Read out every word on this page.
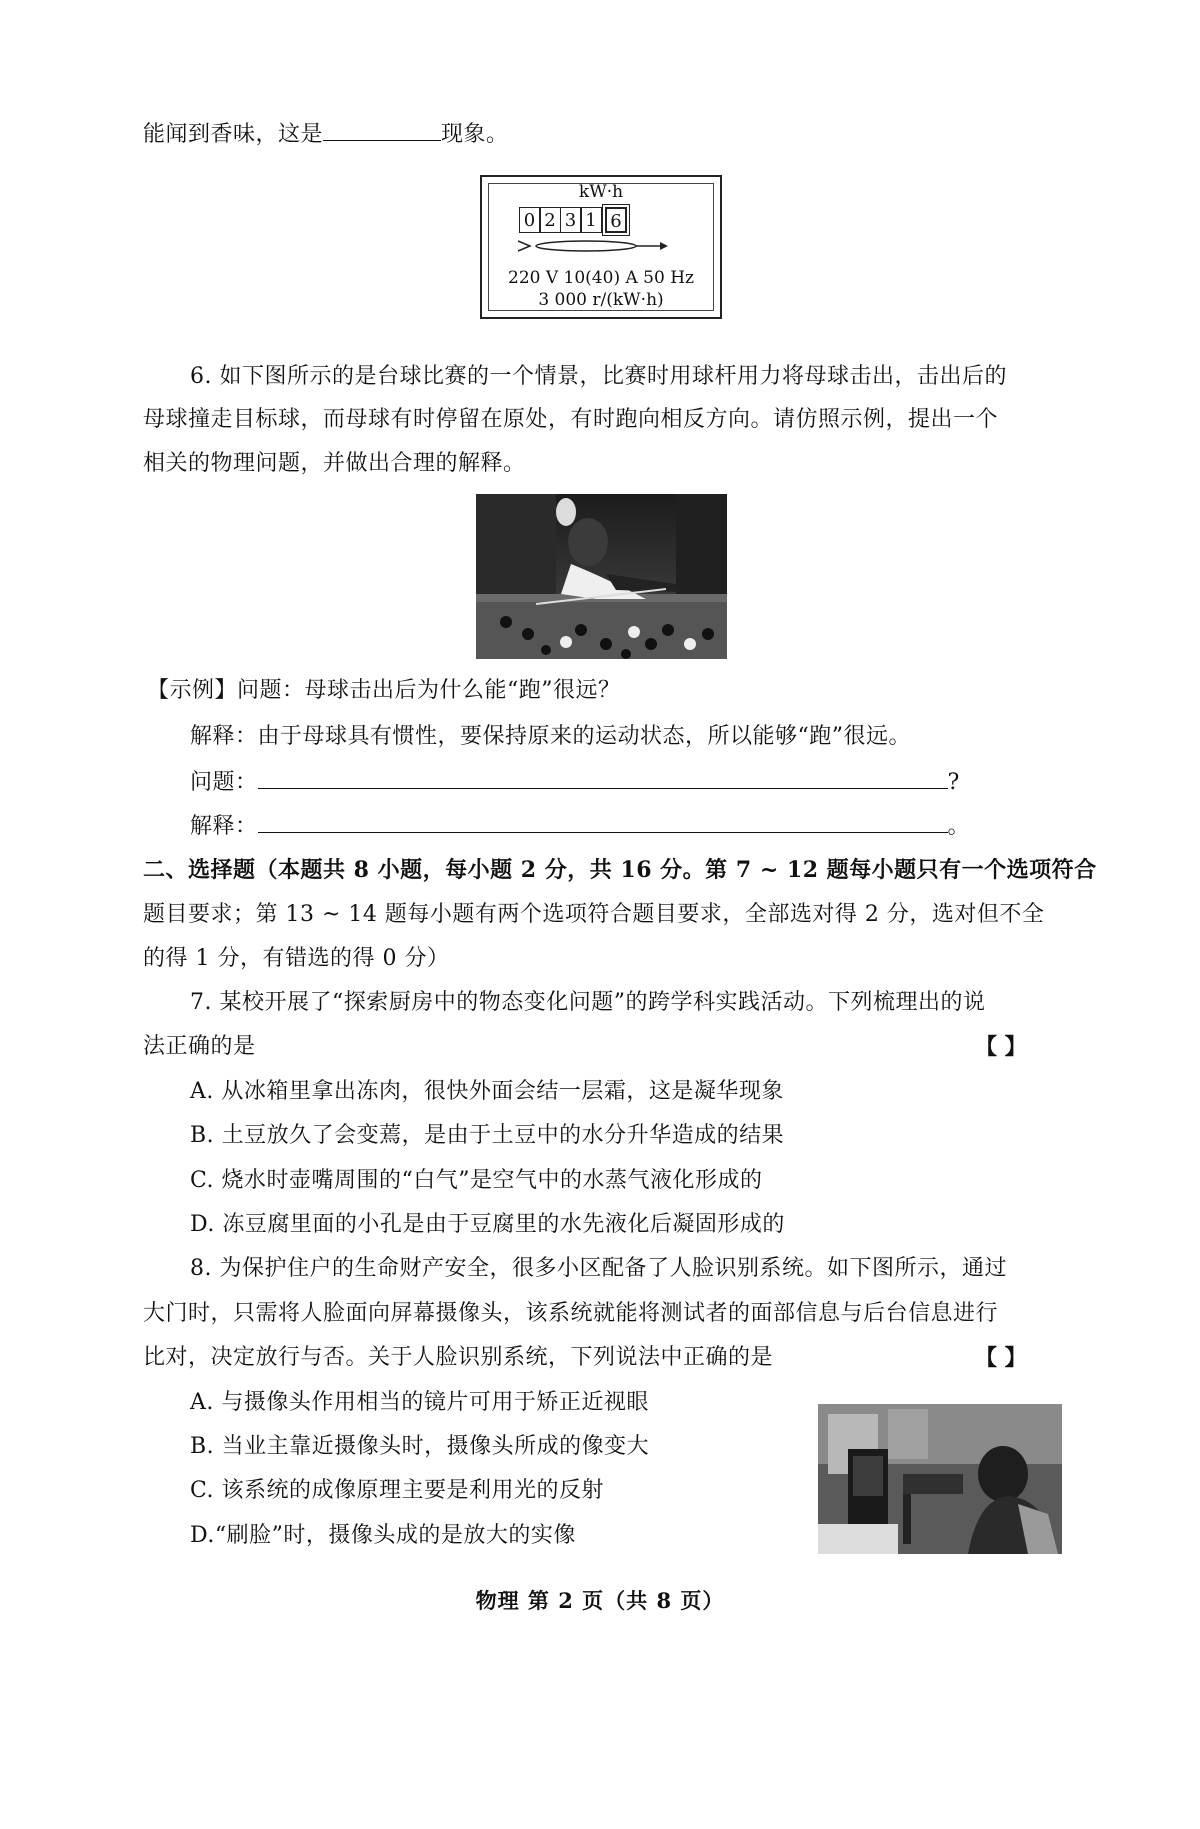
能闻到香味，这是	现象。
kW·h
0 2 3 1 6
220 V 10(40) A 50 Hz
3 000 r/(kW·h)
6. 如下图所示的是台球比赛的一个情景，比赛时用球杆用力将母球击出，击出后的
母球撞走目标球，而母球有时停留在原处，有时跑向相反方向。请仿照示例，提出一个
相关的物理问题，并做出合理的解释。
【示例】问题：母球击出后为什么能“跑”很远？
解释：由于母球具有惯性，要保持原来的运动状态，所以能够“跑”很远。
问题：	?
解释：	。
二、选择题（本题共 8 小题，每小题 2 分，共 16 分。第 7 ~ 12 题每小题只有一个选项符合
题目要求；第 13 ~ 14 题每小题有两个选项符合题目要求，全部选对得 2 分，选对但不全
的得 1 分，有错选的得 0 分）
7. 某校开展了“探索厨房中的物态变化问题”的跨学科实践活动。下列梳理出的说
法正确的是	【 】
A. 从冰箱里拿出冻肉，很快外面会结一层霜，这是凝华现象
B. 土豆放久了会变蔫，是由于土豆中的水分升华造成的结果
C. 烧水时壶嘴周围的“白气”是空气中的水蒸气液化形成的
D. 冻豆腐里面的小孔是由于豆腐里的水先液化后凝固形成的
8. 为保护住户的生命财产安全，很多小区配备了人脸识别系统。如下图所示，通过
大门时，只需将人脸面向屏幕摄像头，该系统就能将测试者的面部信息与后台信息进行
比对，决定放行与否。关于人脸识别系统，下列说法中正确的是	【 】
A. 与摄像头作用相当的镜片可用于矫正近视眼
B. 当业主靠近摄像头时，摄像头所成的像变大
C. 该系统的成像原理主要是利用光的反射
D.“刷脸”时，摄像头成的是放大的实像
物理 第 2 页（共 8 页）
